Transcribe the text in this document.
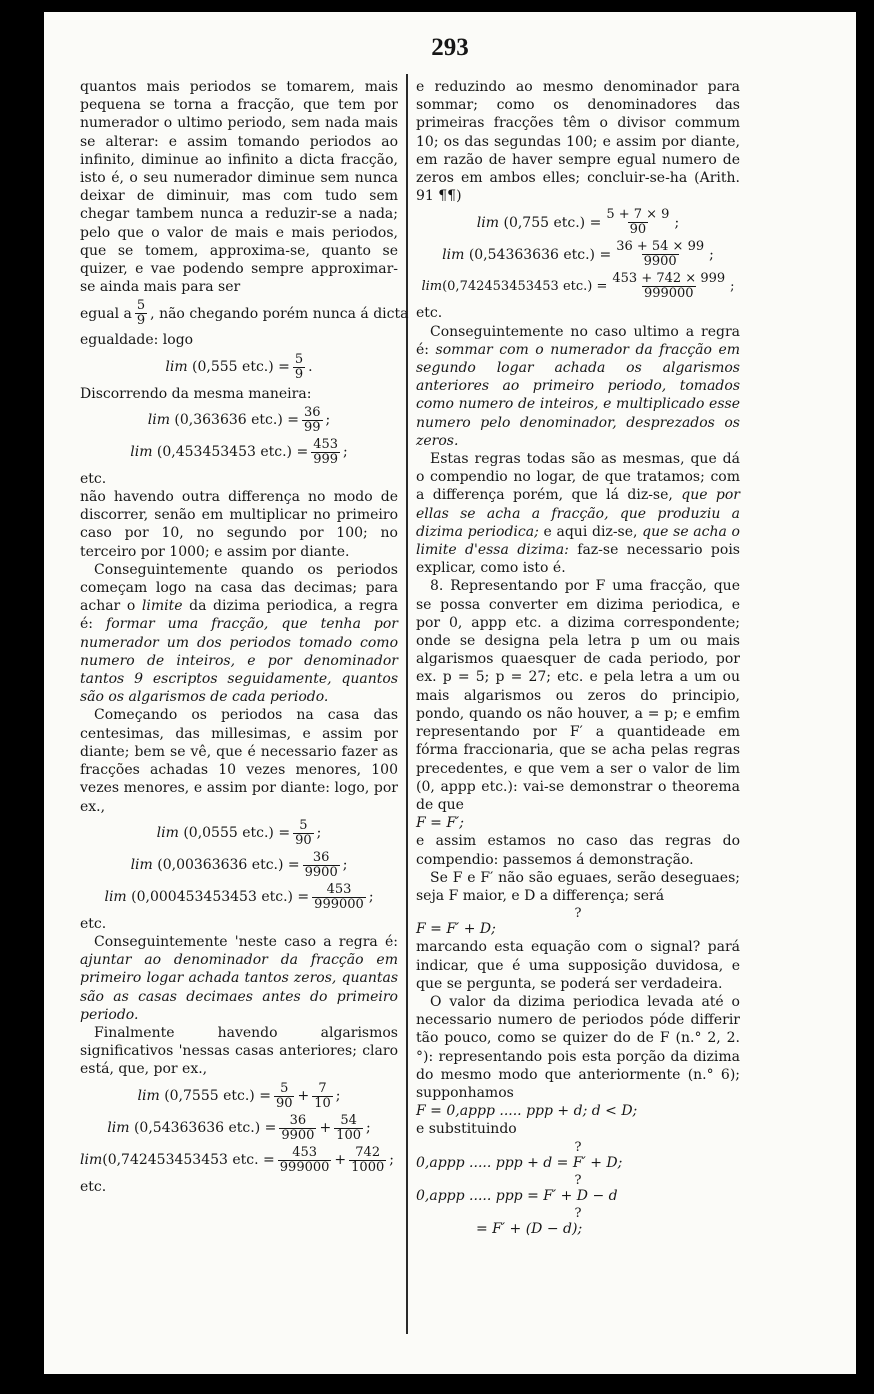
293

quantos mais periodos se tomarem, mais pequena se torna a fracção, que tem por numerador o ultimo periodo, sem nada mais se alterar: e assim tomando periodos ao infinito, diminue ao infinito a dicta fracção, isto é, o seu numerador diminue sem nunca deixar de diminuir, mas com tudo sem chegar tambem nunca a reduzir-se a nada; pelo que o valor de mais e mais periodos, que se tomem, approxima-se, quanto se quizer, e vae podendo sempre approximar-se ainda mais para ser

egual a $\frac{5}{9}$ , não chegando porém nunca á dicta

egualdade: logo

lim
(0,555 $etc.) = \frac{5}{9}$ .

Discorrendo da mesma maneira:

lim
(0,363636 $etc.) = \frac{36}{99}$ ;
lim
(0,453453453 $etc.) = \frac{453}{999}$ ;

etc.

não havendo outra differença no modo de discorrer, senão em multiplicar no primeiro caso por 10, no segundo por 100; no terceiro por 1000; e assim por diante.

Conseguintemente quando os periodos começam logo na casa das decimas; para achar o limite da dizima periodica, a regra é: formar uma fracção, que tenha por numerador um dos periodos tomado como numero de inteiros, e por denominador tantos 9 escriptos seguidamente, quantos são os algarismos de cada periodo.

Começando os periodos na casa das centesimas, das millesimas, e assim por diante; bem se vê, que é necessario fazer as fracções achadas 10 vezes menores, 100 vezes menores, e assim por diante: logo, por ex.,

lim
(0,0555 $etc.) = \frac{5}{90}$ ;
lim
(0,00363636 $etc.) = \frac{36}{9900}$ ;
lim
(0,000453453453 $etc.) = \frac{453}{999000}$ ;

etc.

Conseguintemente 'neste caso a regra é: ajuntar ao denominador da fracção em primeiro logar achada tantos zeros, quantas são as casas decimaes antes do primeiro periodo.

Finalmente havendo algarismos significativos 'nessas casas anteriores; claro está, que, por ex.,

lim
(0,7555 $etc.) = \frac{5}{90} + \frac{7}{10}$ ;
lim
(0,54363636 $etc.) = \frac{36}{9900} + \frac{54}{100}$ ;
lim (0,742453453453 etc. = $\frac{453}{999000} + \frac{742}{1000}$ ;

etc.

e reduzindo ao mesmo denominador para sommar; como os denominadores das primeiras fracções têm o divisor commum 10; os das segundas 100; e assim por diante, em razão de haver sempre egual numero de zeros em ambos elles; concluir-se-ha (Arith. 91 ¶¶)

lim
(0,755 $etc.) = \frac{5 + 7 \times 9}{90}$ ;
lim
(0,54363636 $etc.) = \frac{36 + 54 \times 99}{9900}$ ;
lim (0,742453453453 $etc.) = \frac{453 + 742 \times 999}{999000}$ ;

etc.

Conseguintemente no caso ultimo a regra é: sommar com o numerador da fracção em segundo logar achada os algarismos anteriores ao primeiro periodo, tomados como numero de inteiros, e multiplicado esse numero pelo denominador, desprezados os zeros.

Estas regras todas são as mesmas, que dá o compendio no logar, de que tratamos; com a differença porém, que lá diz-se, que por ellas se acha a fracção, que produziu a dizima periodica; e aqui diz-se, que se acha o limite d'essa dizima: faz-se necessario pois explicar, como isto é.

8. Representando por F uma fracção, que se possa converter em dizima periodica, e por 0, appp etc. a dizima correspondente; onde se designa pela letra p um ou mais algarismos quaesquer de cada periodo, por ex. p = 5; p = 27; etc. e pela letra a um ou mais algarismos ou zeros do principio, pondo, quando os não houver, a = p; e emfim representando por F′ a quantideade em fórma fraccionaria, que se acha pelas regras precedentes, e que vem a ser o valor de lim (0, appp etc.): vai-se demonstrar o theorema de que

F = F′;

e assim estamos no caso das regras do compendio: passemos á demonstração.

Se F e F′ não são eguaes, serão deseguaes; seja F maior, e D a differença; será

?

F = F′ + D;

marcando esta equação com o signal? pará indicar, que é uma supposição duvidosa, e que se pergunta, se poderá ser verdadeira.

O valor da dizima periodica levada até o necessario numero de periodos póde differir tão pouco, como se quizer do de F (n.° 2, 2.°): representando pois esta porção da dizima do mesmo modo que anteriormente (n.° 6); supponhamos

F = 0,appp ..... ppp + d; d < D;

e substituindo

?

0,appp ..... ppp + d = F′ + D;

?

0,appp ..... ppp = F′ + D − d

?

= F′ + (D − d);
